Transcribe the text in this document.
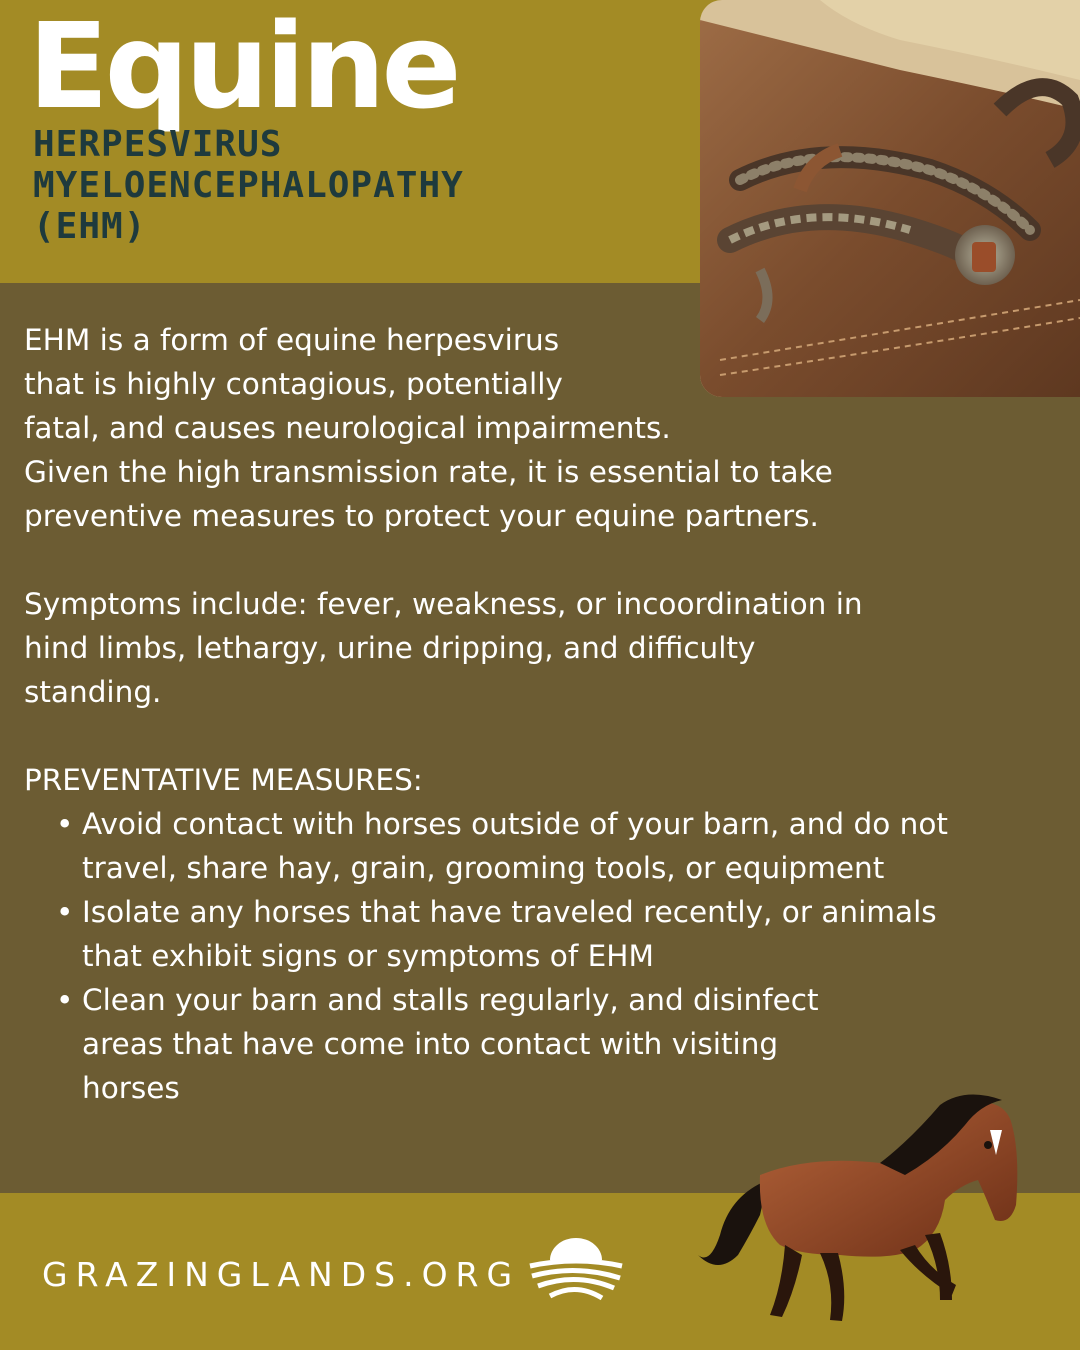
Equine
HERPESVIRUS
MYELOENCEPHALOPATHY
(EHM)

EHM is a form of equine herpesvirus

that is highly contagious, potentially

fatal, and causes neurological impairments.

Given the high transmission rate, it is essential to take

preventive measures to protect your equine partners.

Symptoms include: fever, weakness, or incoordination in

hind limbs, lethargy, urine dripping, and difficulty

standing.

PREVENTATIVE MEASURES:

• Avoid contact with horses outside of your barn, and do not travel, share hay, grain, grooming tools, or equipment
• Isolate any horses that have traveled recently, or animals that exhibit signs or symptoms of EHM
• Clean your barn and stalls regularly, and disinfect areas that have come into contact with visiting horses
GRAZINGLANDS.ORG
